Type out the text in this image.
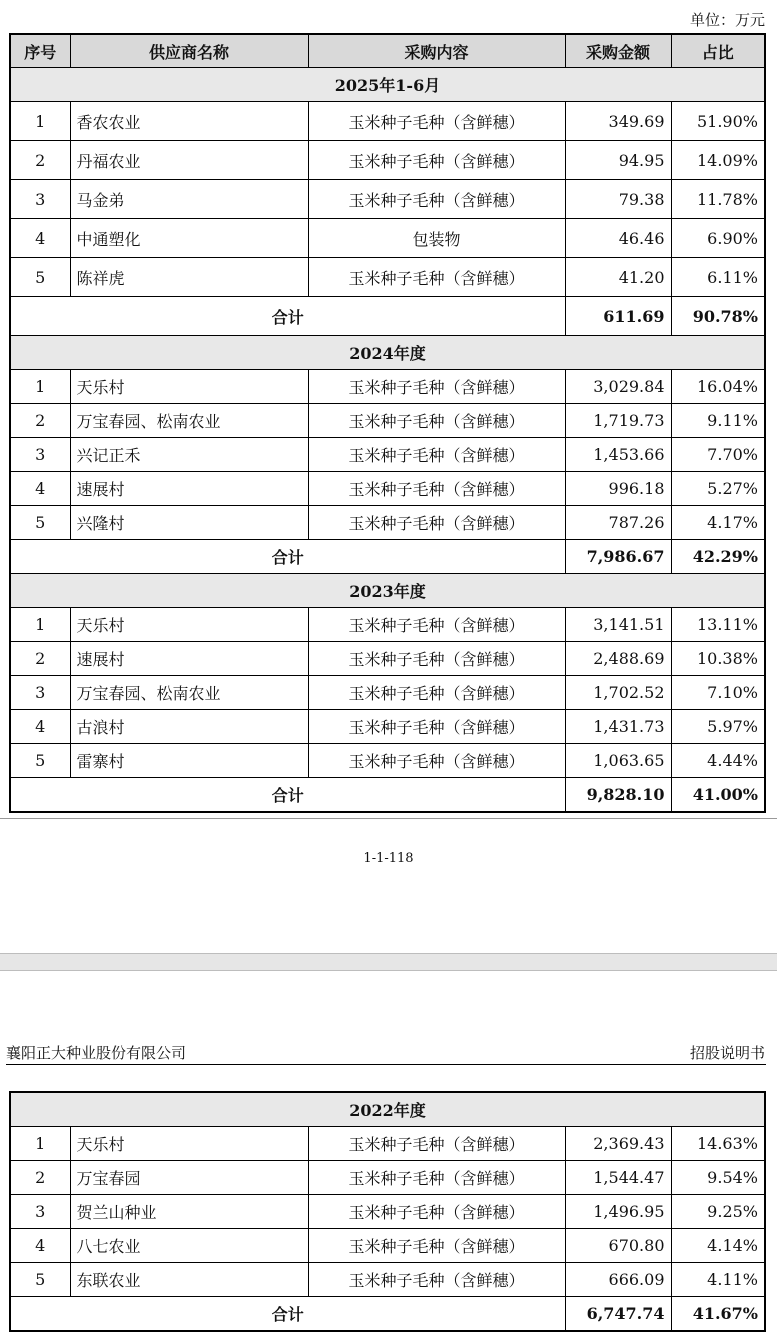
单位：万元
序号	供应商名称	采购内容	采购金额	占比
2025年1-6月				
1	香农农业	玉米种子毛种（含鲜穗）	349.69	51.90%
2	丹福农业	玉米种子毛种（含鲜穗）	94.95	14.09%
3	马金弟	玉米种子毛种（含鲜穗）	79.38	11.78%
4	中通塑化	包装物	46.46	6.90%
5	陈祥虎	玉米种子毛种（含鲜穗）	41.20	6.11%
合计			611.69	90.78%
2024年度				
1	天乐村	玉米种子毛种（含鲜穗）	3,029.84	16.04%
2	万宝春园、松南农业	玉米种子毛种（含鲜穗）	1,719.73	9.11%
3	兴记正禾	玉米种子毛种（含鲜穗）	1,453.66	7.70%
4	速展村	玉米种子毛种（含鲜穗）	996.18	5.27%
5	兴隆村	玉米种子毛种（含鲜穗）	787.26	4.17%
合计			7,986.67	42.29%
2023年度				
1	天乐村	玉米种子毛种（含鲜穗）	3,141.51	13.11%
2	速展村	玉米种子毛种（含鲜穗）	2,488.69	10.38%
3	万宝春园、松南农业	玉米种子毛种（含鲜穗）	1,702.52	7.10%
4	古浪村	玉米种子毛种（含鲜穗）	1,431.73	5.97%
5	雷寨村	玉米种子毛种（含鲜穗）	1,063.65	4.44%
合计			9,828.10	41.00%
1-1-118
襄阳正大种业股份有限公司	招股说明书
2022年度				
1	天乐村	玉米种子毛种（含鲜穗）	2,369.43	14.63%
2	万宝春园	玉米种子毛种（含鲜穗）	1,544.47	9.54%
3	贺兰山种业	玉米种子毛种（含鲜穗）	1,496.95	9.25%
4	八七农业	玉米种子毛种（含鲜穗）	670.80	4.14%
5	东联农业	玉米种子毛种（含鲜穗）	666.09	4.11%
合计			6,747.74	41.67%
